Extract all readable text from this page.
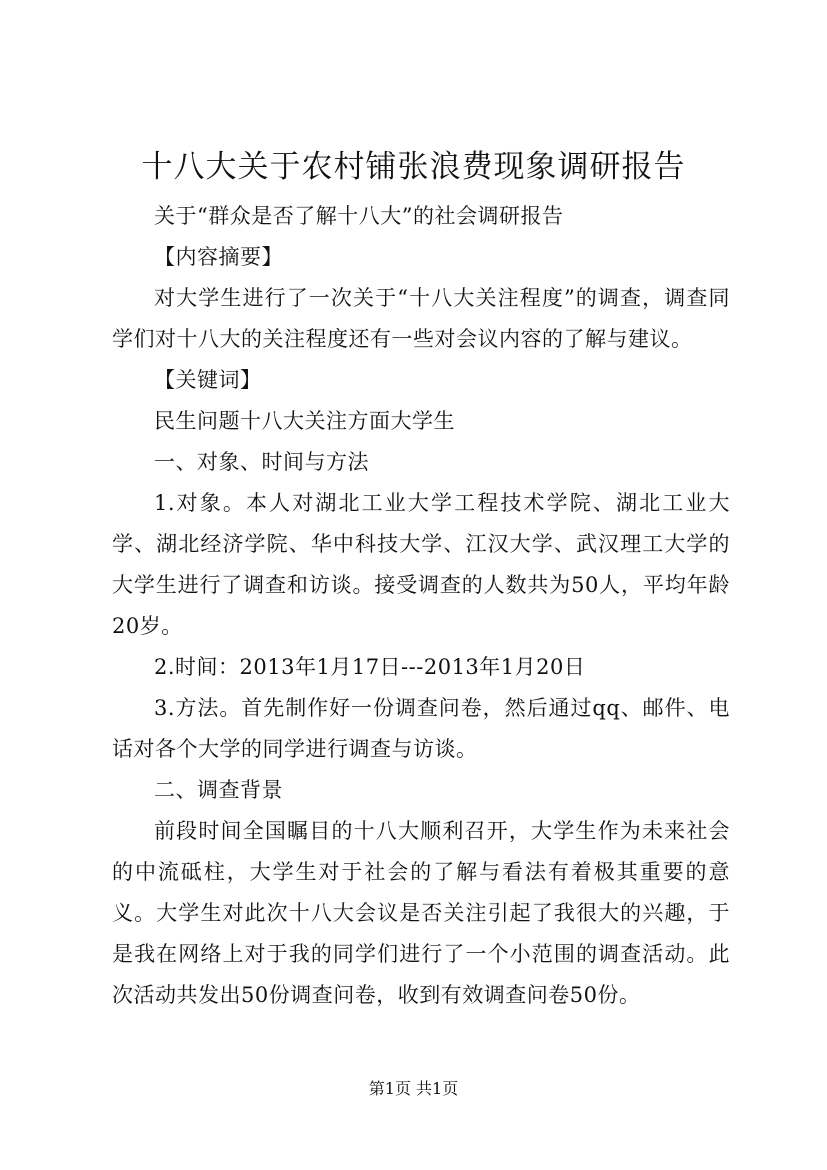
十八大关于农村铺张浪费现象调研报告

关于“群众是否了解十八大”的社会调研报告

【内容摘要】

对大学生进行了一次关于“十八大关注程度”的调查，调查同学们对十八大的关注程度还有一些对会议内容的了解与建议。

【关键词】

民生问题十八大关注方面大学生

一、对象、时间与方法

1.对象。本人对湖北工业大学工程技术学院、湖北工业大学、湖北经济学院、华中科技大学、江汉大学、武汉理工大学的大学生进行了调查和访谈。接受调查的人数共为50人，平均年龄20岁。

2.时间：2013年1月17日---2013年1月20日

3.方法。首先制作好一份调查问卷，然后通过qq、邮件、电话对各个大学的同学进行调查与访谈。

二、调查背景

前段时间全国瞩目的十八大顺利召开，大学生作为未来社会的中流砥柱，大学生对于社会的了解与看法有着极其重要的意义。大学生对此次十八大会议是否关注引起了我很大的兴趣，于是我在网络上对于我的同学们进行了一个小范围的调查活动。此次活动共发出50份调查问卷，收到有效调查问卷50份。

第1页 共1页
